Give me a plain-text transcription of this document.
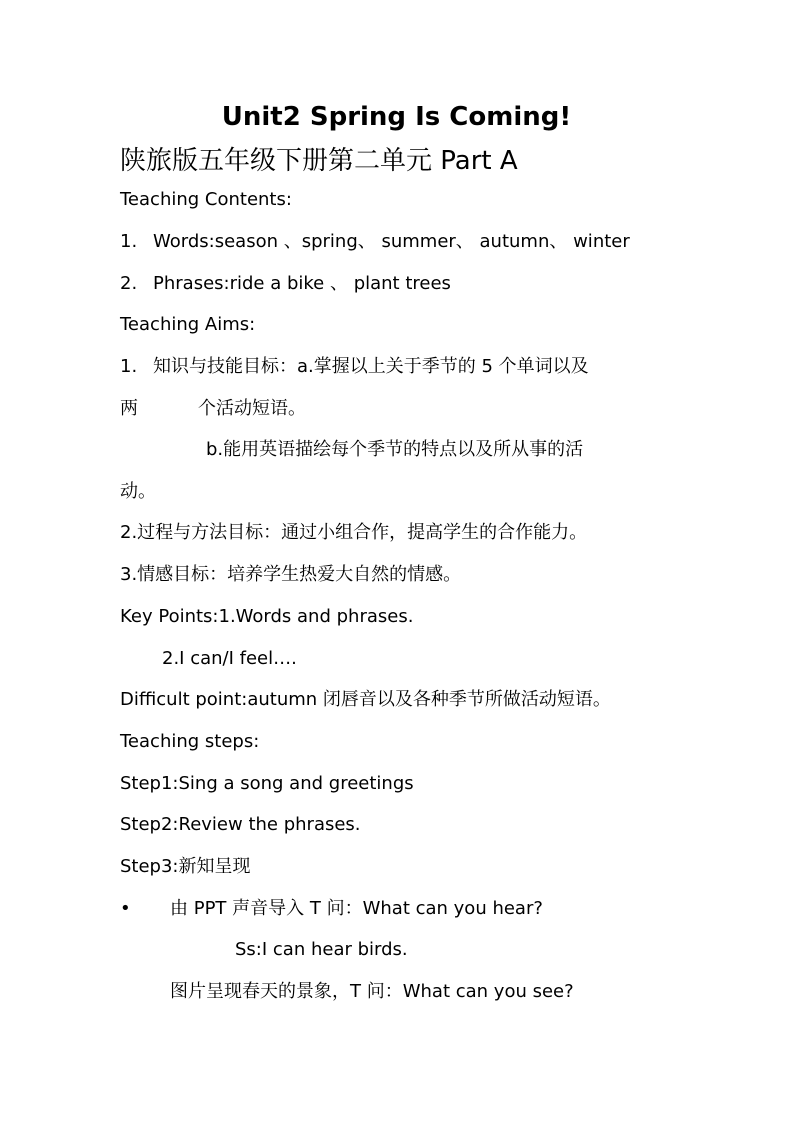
Unit2 Spring Is Coming!
陕旅版五年级下册第二单元 Part A
Teaching Contents:
1. Words:season 、spring、 summer、 autumn、 winter
2. Phrases:ride a bike 、 plant trees
Teaching Aims:
1. 知识与技能目标：a.掌握以上关于季节的 5 个单词以及
两	个活动短语。
b.能用英语描绘每个季节的特点以及所从事的活
动。
2.过程与方法目标：通过小组合作，提高学生的合作能力。
3.情感目标：培养学生热爱大自然的情感。
Key Points:1.Words and phrases.
2.I can/I feel….
Difficult point:autumn 闭唇音以及各种季节所做活动短语。
Teaching steps:
Step1:Sing a song and greetings
Step2:Review the phrases.
Step3:新知呈现
• 由 PPT 声音导入 T 问：What can you hear?
Ss:I can hear birds.
图片呈现春天的景象，T 问：What can you see?
